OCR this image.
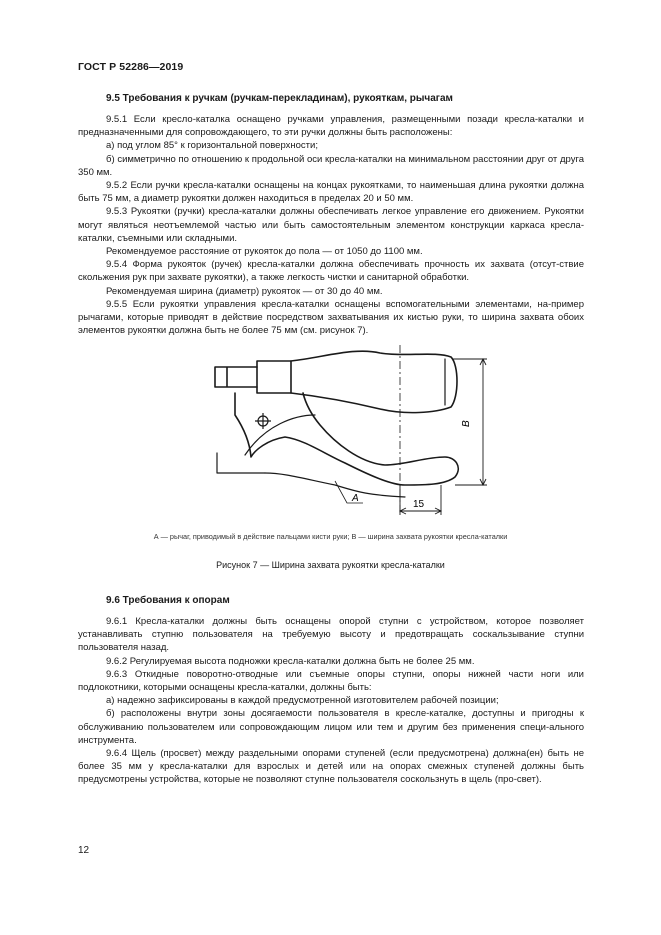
ГОСТ Р 52286—2019
9.5 Требования к ручкам (ручкам-перекладинам), рукояткам, рычагам

9.5.1 Если кресло-каталка оснащено ручками управления, размещенными позади кресла-каталки и предназначенными для сопровождающего, то эти ручки должны быть расположены:

а) под углом 85° к горизонтальной поверхности;

б) симметрично по отношению к продольной оси кресла-каталки на минимальном расстоянии друг от друга 350 мм.

9.5.2 Если ручки кресла-каталки оснащены на концах рукоятками, то наименьшая длина рукоятки должна быть 75 мм, а диаметр рукоятки должен находиться в пределах 20 и 50 мм.

9.5.3 Рукоятки (ручки) кресла-каталки должны обеспечивать легкое управление его движением. Рукоятки могут являться неотъемлемой частью или быть самостоятельным элементом конструкции каркаса кресла-каталки, съемными или складными.

Рекомендуемое расстояние от рукояток до пола — от 1050 до 1100 мм.

9.5.4 Форма рукояток (ручек) кресла-каталки должна обеспечивать прочность их захвата (отсут-ствие скольжения рук при захвате рукоятки), а также легкость чистки и санитарной обработки.

Рекомендуемая ширина (диаметр) рукояток — от 30 до 40 мм.

9.5.5 Если рукоятки управления кресла-каталки оснащены вспомогательными элементами, на-пример рычагами, которые приводят в действие посредством захватывания их кистью руки, то ширина захвата обоих элементов рукоятки должна быть не более 75 мм (см. рисунок 7).

В
15
А
А — рычаг, приводимый в действие пальцами кисти руки; В — ширина захвата рукоятки кресла-каталки
Рисунок 7 — Ширина захвата рукоятки кресла-каталки
9.6 Требования к опорам

9.6.1 Кресла-каталки должны быть оснащены опорой ступни с устройством, которое позволяет устанавливать ступню пользователя на требуемую высоту и предотвращать соскальзывание ступни пользователя назад.

9.6.2 Регулируемая высота подножки кресла-каталки должна быть не более 25 мм.

9.6.3 Откидные поворотно-отводные или съемные опоры ступни, опоры нижней части ноги или подлокотники, которыми оснащены кресла-каталки, должны быть:

а) надежно зафиксированы в каждой предусмотренной изготовителем рабочей позиции;

б) расположены внутри зоны досягаемости пользователя в кресле-каталке, доступны и пригодны к обслуживанию пользователем или сопровождающим лицом или тем и другим без применения специ-ального инструмента.

9.6.4 Щель (просвет) между раздельными опорами ступеней (если предусмотрена) должна(ен) быть не более 35 мм у кресла-каталки для взрослых и детей или на опорах смежных ступеней должны быть предусмотрены устройства, которые не позволяют ступне пользователя соскользнуть в щель (про-свет).

12
